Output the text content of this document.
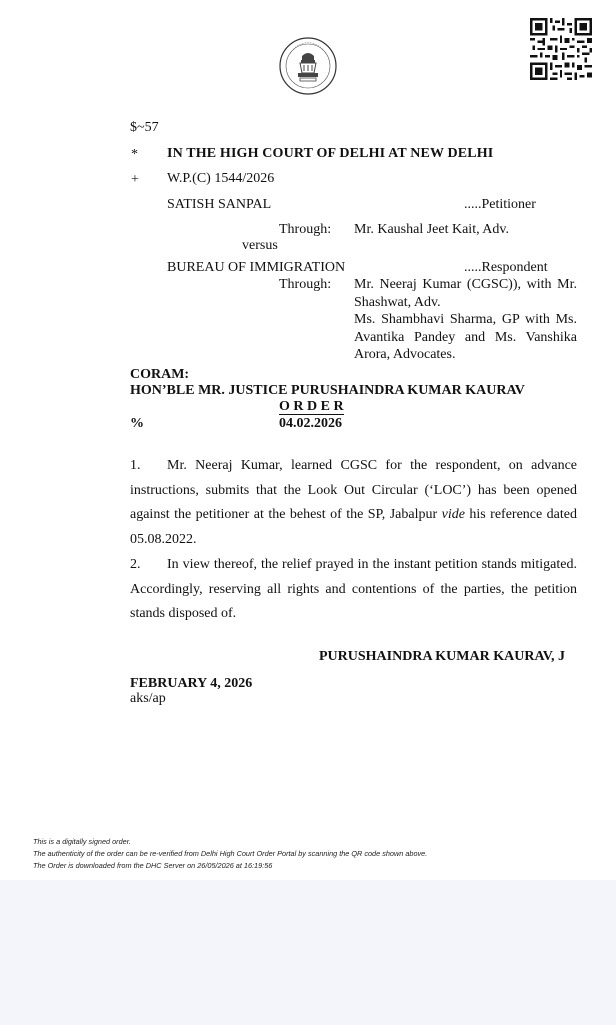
$~57
* IN THE HIGH COURT OF DELHI AT NEW DELHI
+ W.P.(C) 1544/2026
SATISH SANPAL	.....Petitioner
Through: Mr. Kaushal Jeet Kait, Adv.
versus
BUREAU OF IMMIGRATION	.....Respondent
Through: Mr. Neeraj Kumar (CGSC)), with Mr.
Shashwat, Adv.
Ms. Shambhavi Sharma, GP with Ms.
Avantika Pandey and Ms. Vanshika
Arora, Advocates.
CORAM:
HON’BLE MR. JUSTICE PURUSHAINDRA KUMAR KAURAV
O R D E R
%	04.02.2026
1. Mr. Neeraj Kumar, learned CGSC for the respondent, on advance instructions, submits that the Look Out Circular (‘LOC’) has been opened against the petitioner at the behest of the SP, Jabalpur vide his reference dated 05.08.2022.
2. In view thereof, the relief prayed in the instant petition stands mitigated. Accordingly, reserving all rights and contentions of the parties, the petition stands disposed of.
PURUSHAINDRA KUMAR KAURAV, J
FEBRUARY 4, 2026
aks/ap
This is a digitally signed order.
The authenticity of the order can be re-verified from Delhi High Court Order Portal by scanning the QR code shown above.
The Order is downloaded from the DHC Server on 26/05/2026 at 16:19:56
